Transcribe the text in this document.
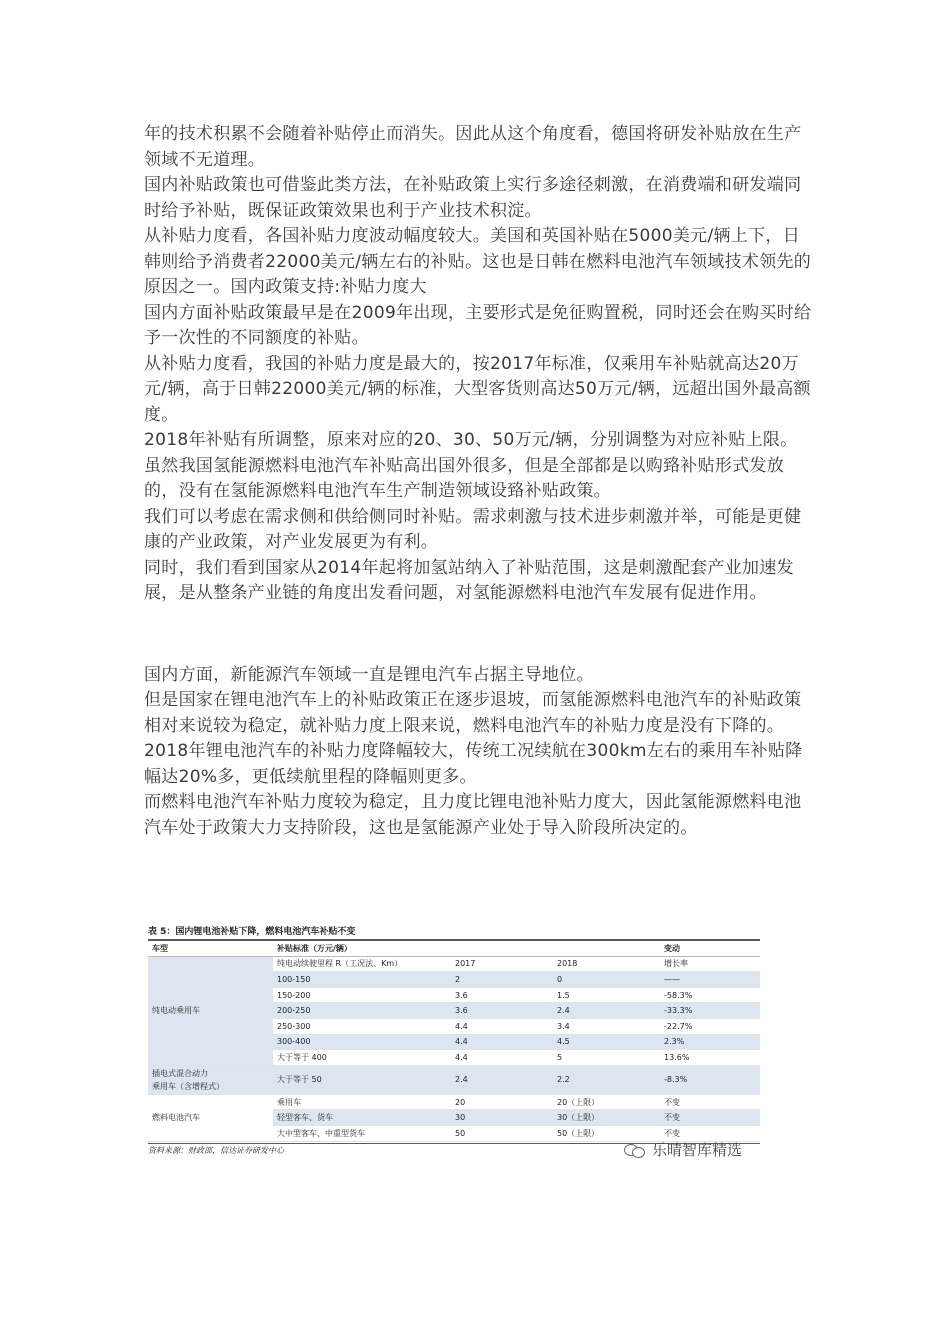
年的技术积累不会随着补贴停止而消失。因此从这个角度看，德国将研发补贴放在生产领域不无道理。

国内补贴政策也可借鉴此类方法，在补贴政策上实行多途径刺激，在消费端和研发端同时给予补贴，既保证政策效果也利于产业技术积淀。

从补贴力度看，各国补贴力度波动幅度较大。美国和英国补贴在5000美元/辆上下，日韩则给予消费者22000美元/辆左右的补贴。这也是日韩在燃料电池汽车领域技术领先的原因之一。国内政策支持:补贴力度大

国内方面补贴政策最早是在2009年出现，主要形式是免征购置税，同时还会在购买时给予一次性的不同额度的补贴。

从补贴力度看，我国的补贴力度是最大的，按2017年标准，仅乘用车补贴就高达20万元/辆，高于日韩22000美元/辆的标准，大型客货则高达50万元/辆，远超出国外最高额度。

2018年补贴有所调整，原来对应的20、30、50万元/辆，分别调整为对应补贴上限。

虽然我国氢能源燃料电池汽车补贴高出国外很多，但是全部都是以购臵补贴形式发放的，没有在氢能源燃料电池汽车生产制造领域设臵补贴政策。

我们可以考虑在需求侧和供给侧同时补贴。需求刺激与技术进步刺激并举，可能是更健康的产业政策，对产业发展更为有利。

同时，我们看到国家从2014年起将加氢站纳入了补贴范围，这是刺激配套产业加速发展，是从整条产业链的角度出发看问题，对氢能源燃料电池汽车发展有促进作用。

国内方面，新能源汽车领域一直是锂电汽车占据主导地位。

但是国家在锂电池汽车上的补贴政策正在逐步退坡，而氢能源燃料电池汽车的补贴政策相对来说较为稳定，就补贴力度上限来说，燃料电池汽车的补贴力度是没有下降的。

2018年锂电池汽车的补贴力度降幅较大，传统工况续航在300km左右的乘用车补贴降幅达20%多，更低续航里程的降幅则更多。

而燃料电池汽车补贴力度较为稳定，且力度比锂电池补贴力度大，因此氢能源燃料电池汽车处于政策大力支持阶段，这也是氢能源产业处于导入阶段所决定的。

表 5：国内锂电池补贴下降，燃料电池汽车补贴不变
车型	补贴标准（万元/辆）			变动
纯电动乘用车	纯电动续驶里程 R（工况法、Km）	2017	2018	增长率
	100-150	2	0	——
	150-200	3.6	1.5	-58.3%
	200-250	3.6	2.4	-33.3%
	250-300	4.4	3.4	-22.7%
	300-400	4.4	4.5	2.3%
	大于等于 400	4.4	5	13.6%

插电式混合动力
乘用车（含增程式）	大于等于 50	2.4	2.2	-8.3%
燃料电池汽车	乘用车	20	20（上限）	不变
	轻型客车、货车	30	30（上限）	不变
	大中型客车、中重型货车	50	50（上限）	不变
资料来源：财政部，信达证券研发中心	乐晴智库精选
